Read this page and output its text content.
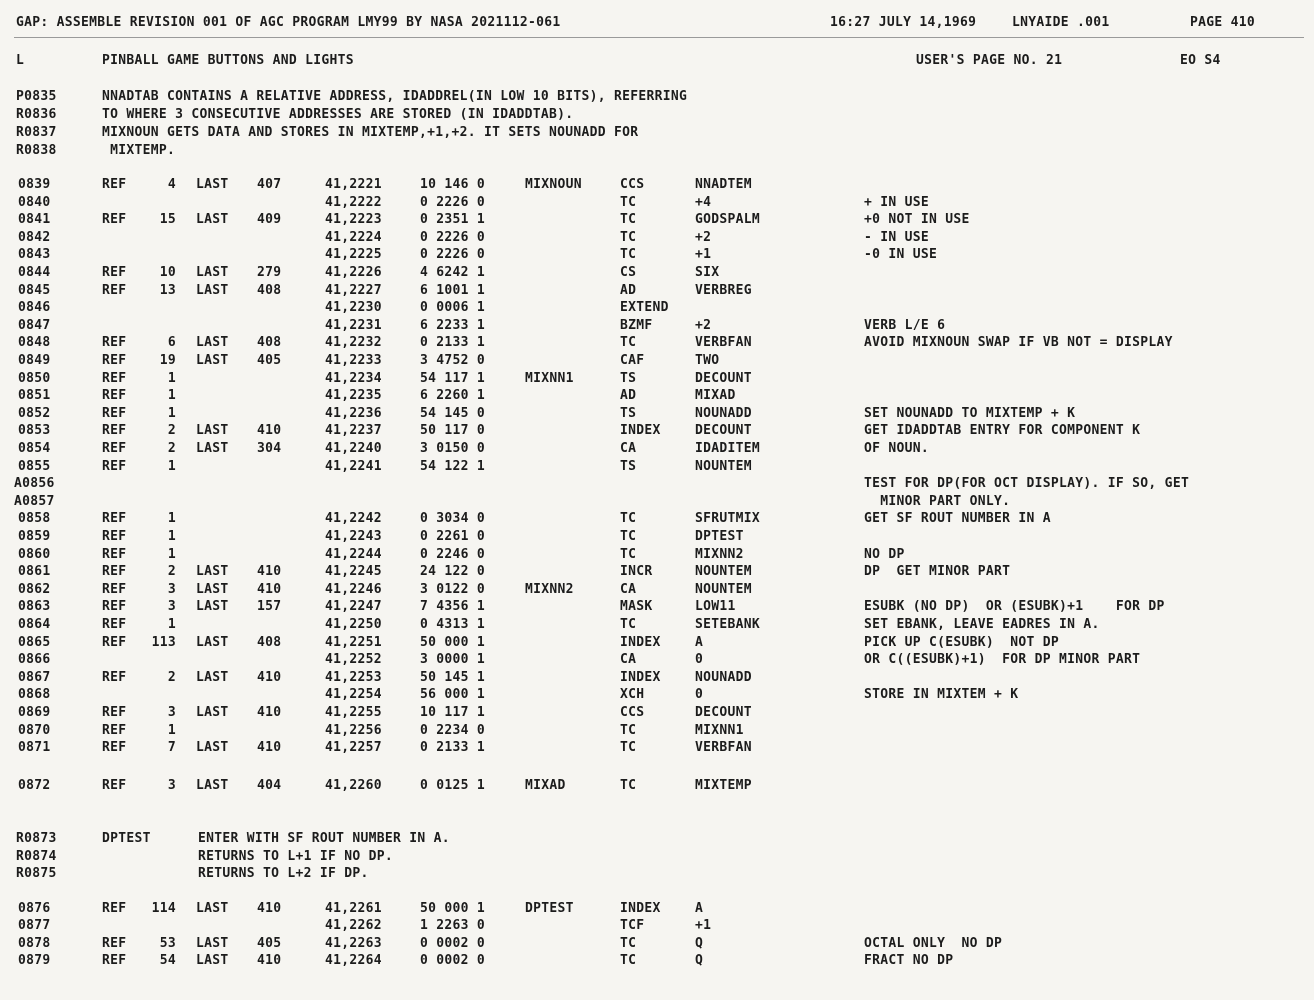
GAP: ASSEMBLE REVISION 001 OF AGC PROGRAM LMY99 BY NASA 2021112-061

	16:27 JULY 14,1969

	LNYAIDE .001

	PAGE 410

L

	PINBALL GAME BUTTONS AND LIGHTS

	USER'S PAGE NO. 21

	EO S4

P0835	NNADTAB CONTAINS A RELATIVE ADDRESS, IDADDREL(IN LOW 10 BITS), REFERRING
R0836	TO WHERE 3 CONSECUTIVE ADDRESSES ARE STORED (IN IDADDTAB).
R0837	MIXNOUN GETS DATA AND STORES IN MIXTEMP,+1,+2. IT SETS NOUNADD FOR
R0838	MIXTEMP.
0839	REF	4 LAST 407	41,2221	10 146 0	MIXNOUN	CCS	NNADTEM
0840	41,2222	0 2226 0	TC	+4	+ IN USE
0841	REF	15 LAST 409	41,2223	0 2351 1	TC	GODSPALM	+0 NOT IN USE
0842	41,2224	0 2226 0	TC	+2	- IN USE
0843	41,2225	0 2226 0	TC	+1	-0 IN USE
0844	REF	10 LAST 279	41,2226	4 6242 1	CS	SIX
0845	REF	13 LAST 408	41,2227	6 1001 1	AD	VERBREG
0846	41,2230	0 0006 1	EXTEND
0847	41,2231	6 2233 1	BZMF	+2	VERB L/E 6
0848	REF	6 LAST 408	41,2232	0 2133 1	TC	VERBFAN	AVOID MIXNOUN SWAP IF VB NOT = DISPLAY
0849	REF	19 LAST 405	41,2233	3 4752 0	CAF	TWO
0850	REF	1	41,2234	54 117 1	MIXNN1	TS	DECOUNT
0851	REF	1	41,2235	6 2260 1	AD	MIXAD
0852	REF	1	41,2236	54 145 0	TS	NOUNADD	SET NOUNADD TO MIXTEMP + K
0853	REF	2 LAST 410	41,2237	50 117 0	INDEX	DECOUNT	GET IDADDTAB ENTRY FOR COMPONENT K
0854	REF	2 LAST 304	41,2240	3 0150 0	CA	IDADITEM	OF NOUN.
0855	REF	1	41,2241	54 122 1	TS	NOUNTEM
A0856	TEST FOR DP(FOR OCT DISPLAY). IF SO, GET
A0857	MINOR PART ONLY.
0858	REF	1	41,2242	0 3034 0	TC	SFRUTMIX	GET SF ROUT NUMBER IN A
0859	REF	1	41,2243	0 2261 0	TC	DPTEST
0860	REF	1	41,2244	0 2246 0	TC	MIXNN2	NO DP
0861	REF	2 LAST 410	41,2245	24 122 0	INCR	NOUNTEM	DP  GET MINOR PART
0862	REF	3 LAST 410	41,2246	3 0122 0	MIXNN2	CA	NOUNTEM
0863	REF	3 LAST 157	41,2247	7 4356 1	MASK	LOW11	ESUBK (NO DP)  OR (ESUBK)+1    FOR DP
0864	REF	1	41,2250	0 4313 1	TC	SETEBANK	SET EBANK, LEAVE EADRES IN A.
0865	REF	113 LAST 408	41,2251	50 000 1	INDEX	A	PICK UP C(ESUBK)  NOT DP
0866	41,2252	3 0000 1	CA	0	OR C((ESUBK)+1)  FOR DP MINOR PART
0867	REF	2 LAST 410	41,2253	50 145 1	INDEX	NOUNADD
0868	41,2254	56 000 1	XCH	0	STORE IN MIXTEM + K
0869	REF	3 LAST 410	41,2255	10 117 1	CCS	DECOUNT
0870	REF	1	41,2256	0 2234 0	TC	MIXNN1
0871	REF	7 LAST 410	41,2257	0 2133 1	TC	VERBFAN
0872	REF	3 LAST 404	41,2260	0 0125 1	MIXAD	TC	MIXTEMP
R0873	DPTEST	ENTER WITH SF ROUT NUMBER IN A.
R0874	RETURNS TO L+1 IF NO DP.
R0875	RETURNS TO L+2 IF DP.
0876	REF	114 LAST 410	41,2261	50 000 1	DPTEST	INDEX	A
0877	41,2262	1 2263 0	TCF	+1
0878	REF	53 LAST 405	41,2263	0 0002 0	TC	Q	OCTAL ONLY  NO DP
0879	REF	54 LAST 410	41,2264	0 0002 0	TC	Q	FRACT NO DP
